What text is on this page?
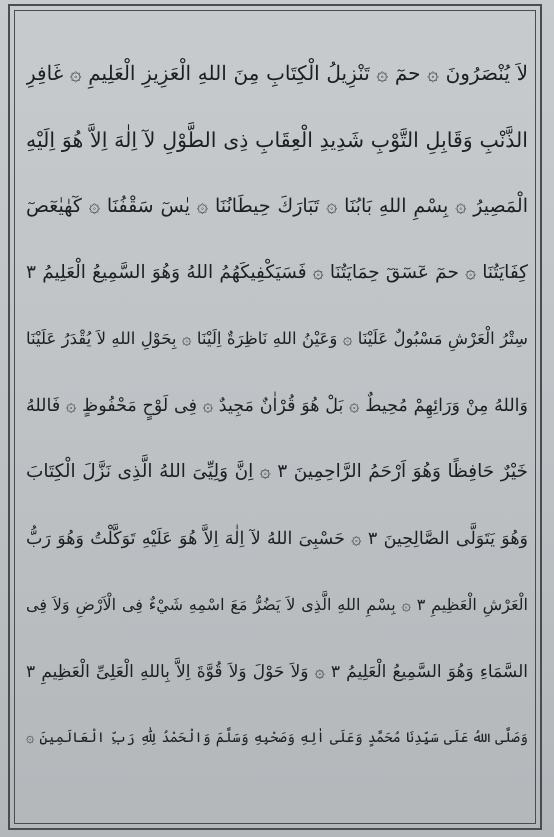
لاَ يُنْصَرُونَ ۞ حمٓ ۞ تَنْزِيلُ الْكِتَابِ مِنَ اللهِ الْعَزِيزِ الْعَلِيمِ ۞ غَافِرِ
الذَّنْبِ وَقَابِلِ التَّوْبِ شَدِيدِ الْعِقَابِ ذِى الطَّوْلِ لآ اِلٰهَ اِلاَّ هُوَ اِلَيْهِ
الْمَصِيرُ ۞ بِسْمِ اللهِ بَابُنَا ۞ تَبَارَكَ حِيطَانُنَا ۞ يٰسٓ سَقْفُنَا ۞ كٓهٰيٰعٓصٓ
كِفَايَتُنَا ۞ حمٓ عٓسٓقٓ حِمَايَتُنَا ۞ فَسَيَكْفِيكَهُمُ اللهُ وَهُوَ السَّمِيعُ الْعَلِيمُ ٣
سِتْرُ الْعَرْشِ مَسْبُولٌ عَلَيْنَا ۞ وَعَيْنُ اللهِ نَاظِرَةٌ اِلَيْنَا ۞ بِحَوْلِ اللهِ لاَ يُقْدَرُ عَلَيْنَا
وَاللهُ مِنْ وَرَائِهِمْ مُحِيطٌ ۞ بَلْ هُوَ قُرْاٰنٌ مَجِيدٌ ۞ فِى لَوْحٍ مَحْفُوظٍ ۞ فَاللهُ
خَيْرٌ حَافِظًا وَهُوَ اَرْحَمُ الرَّاحِمِينَ ٣ ۞ اِنَّ وَلِيِّىَ اللهُ الَّذِى نَزَّلَ الْكِتَابَ
وَهُوَ يَتَوَلَّى الصَّالِحِينَ ٣ ۞ حَسْبِىَ اللهُ لآ اِلٰهَ اِلاَّ هُوَ عَلَيْهِ تَوَكَّلْتُ وَهُوَ رَبُّ
الْعَرْشِ الْعَظِيمِ ٣ ۞ بِسْمِ اللهِ الَّذِى لاَ يَضُرُّ مَعَ اسْمِهِ شَيْءٌ فِى الْاَرْضِ وَلاَ فِى
السَّمَاءِ وَهُوَ السَّمِيعُ الْعَلِيمُ ٣ ۞ وَلاَ حَوْلَ وَلاَ قُوَّةَ اِلاَّ بِاللهِ الْعَلِىِّ الْعَظِيمِ ٣
وَصَلَّى اللهُ عَلَى سَيِّدِنَا مُحَمَّدٍ وَعَلَى اٰلِهِ وَصَحْبِهِ وَسَلَّمَ وَالْحَمْدُ لِلّٰهِ رَبِّ الْعَالَمِينَ ۞
